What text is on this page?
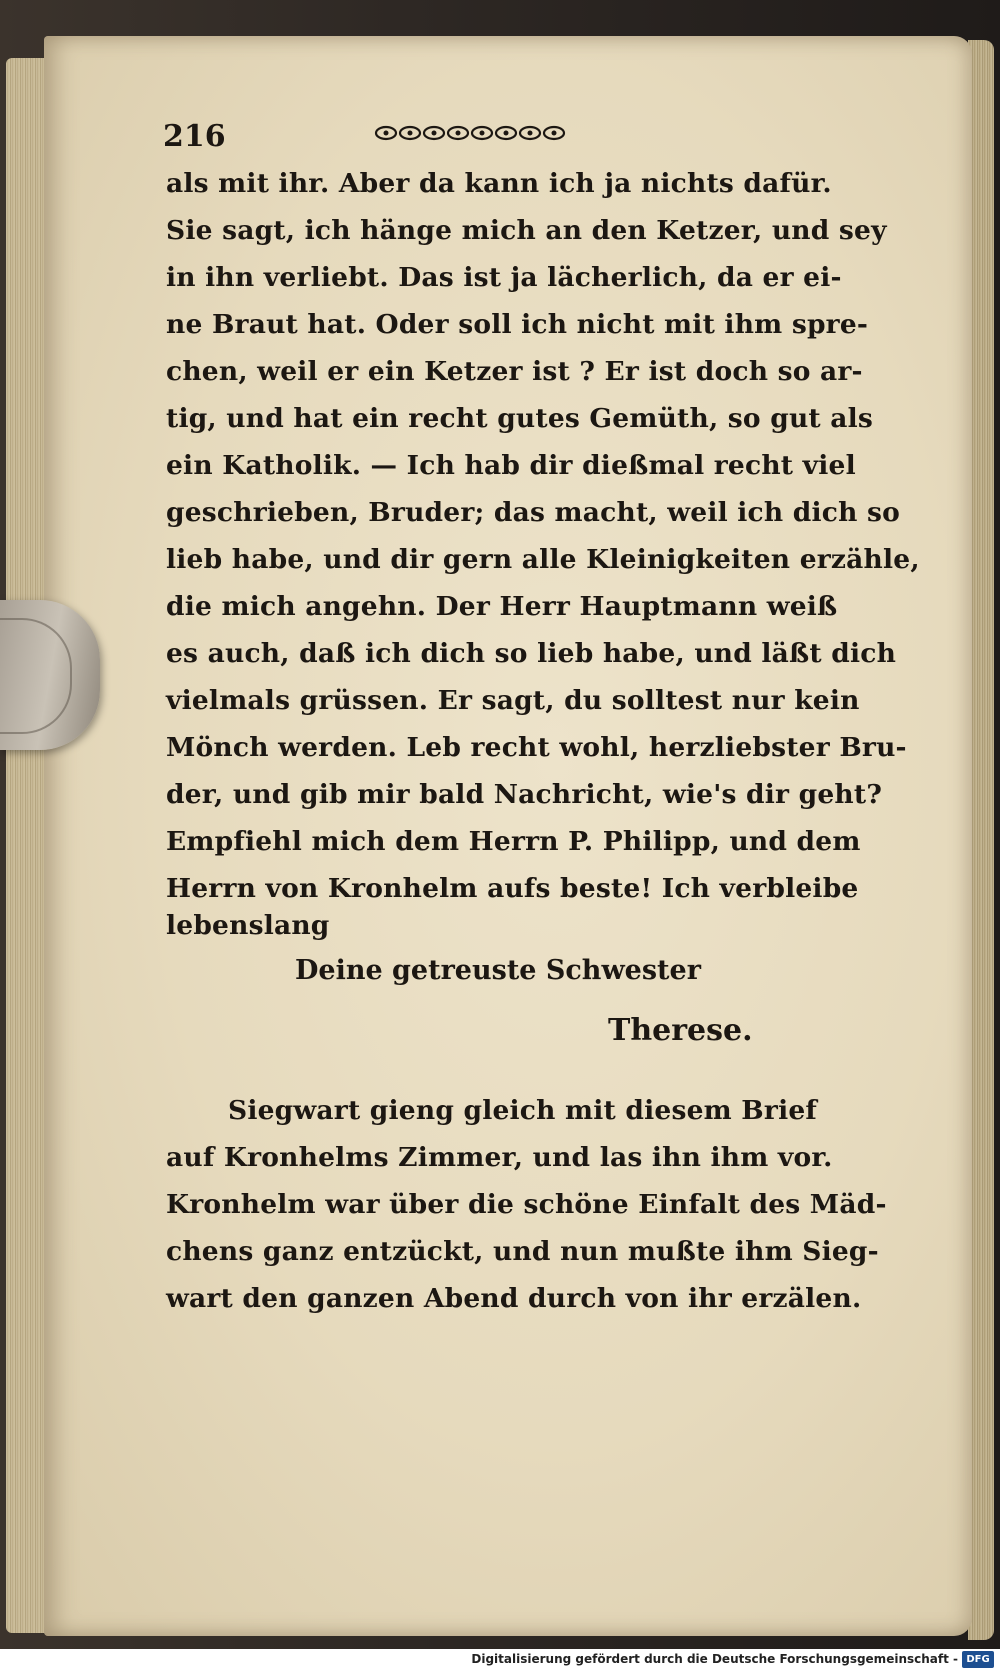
216
als mit ihr. Aber da kann ich ja nichts dafür.
Sie sagt, ich hänge mich an den Ketzer, und sey
in ihn verliebt. Das ist ja lächerlich, da er ei-
ne Braut hat. Oder soll ich nicht mit ihm spre-
chen, weil er ein Ketzer ist ? Er ist doch so ar-
tig, und hat ein recht gutes Gemüth, so gut als
ein Katholik. — Ich hab dir dießmal recht viel
geschrieben, Bruder; das macht, weil ich dich so
lieb habe, und dir gern alle Kleinigkeiten erzähle,
die mich angehn. Der Herr Hauptmann weiß
es auch, daß ich dich so lieb habe, und läßt dich
vielmals grüssen. Er sagt, du solltest nur kein
Mönch werden. Leb recht wohl, herzliebster Bru-
der, und gib mir bald Nachricht, wie's dir geht?
Empfiehl mich dem Herrn P. Philipp, und dem
Herrn von Kronhelm aufs beste! Ich verbleibe
lebenslang
Deine getreuste Schwester
Therese.
Siegwart gieng gleich mit diesem Brief
auf Kronhelms Zimmer, und las ihn ihm vor.
Kronhelm war über die schöne Einfalt des Mäd-
chens ganz entzückt, und nun mußte ihm Sieg-
wart den ganzen Abend durch von ihr erzälen.
Digitalisierung gefördert durch die Deutsche Forschungsgemeinschaft - DFG
